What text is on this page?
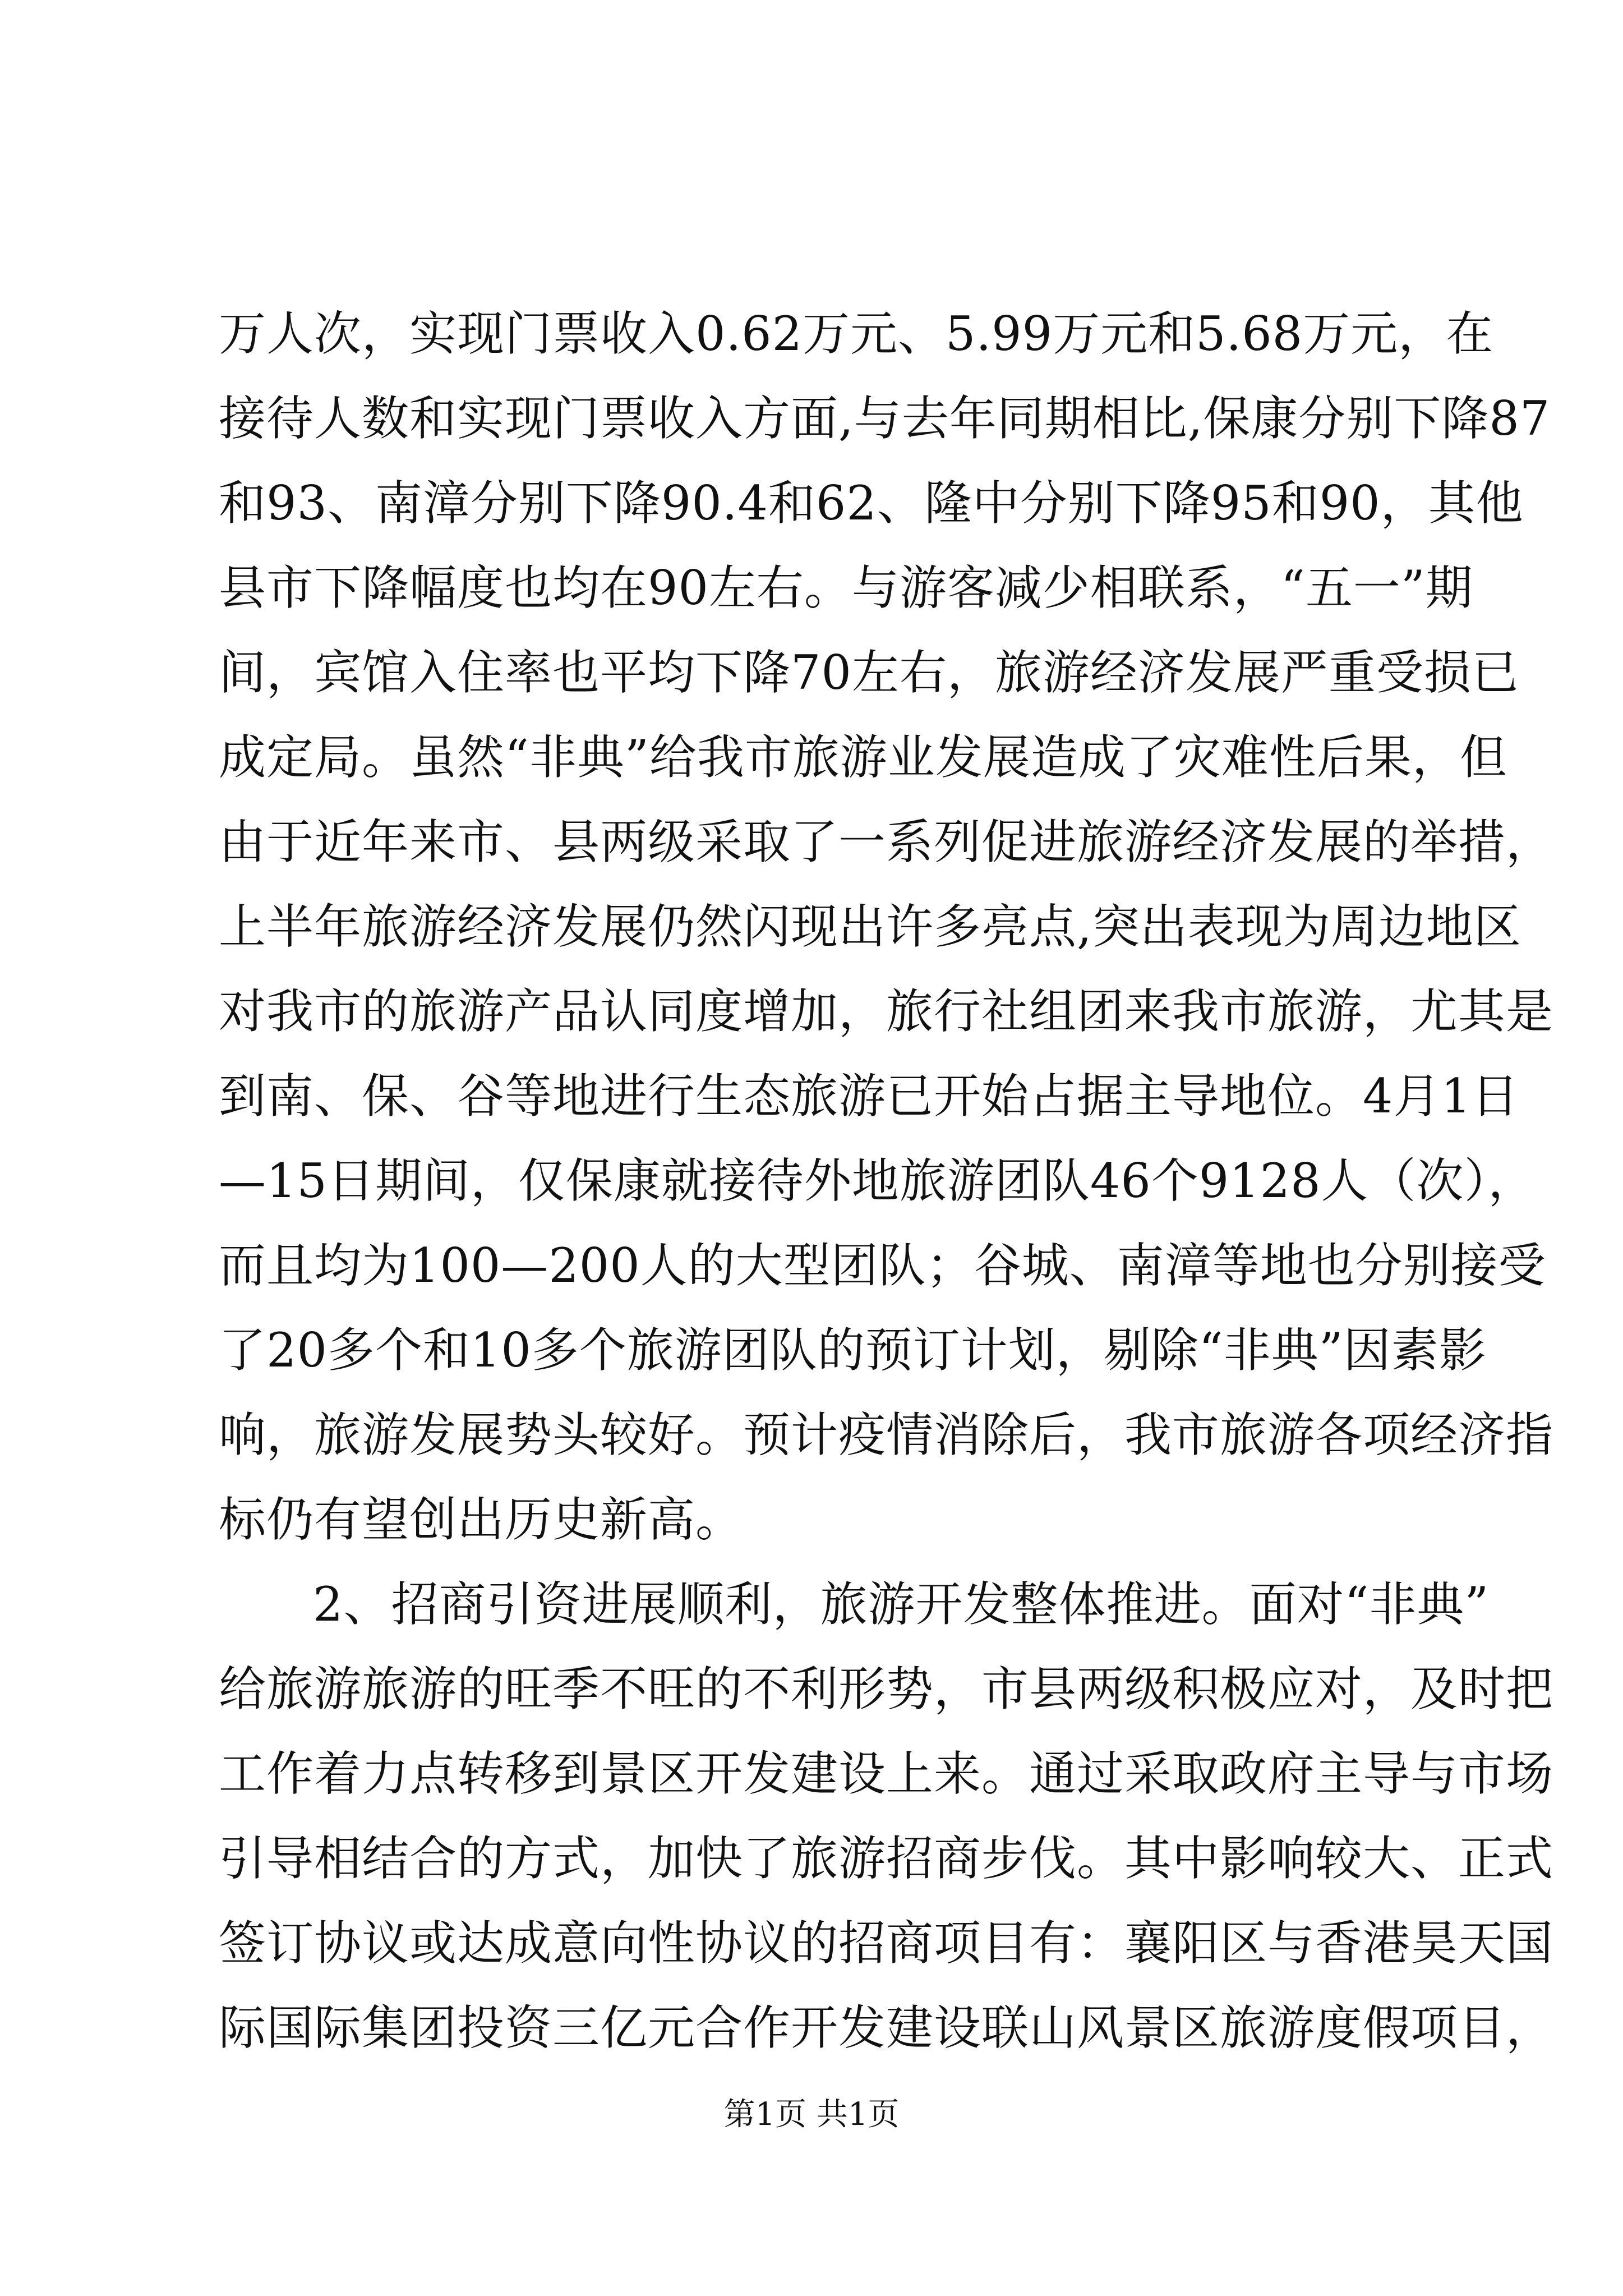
万人次，实现门票收入0.62万元、5.99万元和5.68万元，在
接待人数和实现门票收入方面,与去年同期相比,保康分别下降87
和93、南漳分别下降90.4和62、隆中分别下降95和90，其他
县市下降幅度也均在90左右。与游客减少相联系，“五一”期
间，宾馆入住率也平均下降70左右，旅游经济发展严重受损已
成定局。虽然“非典”给我市旅游业发展造成了灾难性后果，但
由于近年来市、县两级采取了一系列促进旅游经济发展的举措，
上半年旅游经济发展仍然闪现出许多亮点,突出表现为周边地区
对我市的旅游产品认同度增加，旅行社组团来我市旅游，尤其是
到南、保、谷等地进行生态旅游已开始占据主导地位。4月1日
—15日期间，仅保康就接待外地旅游团队46个9128人（次），
而且均为100—200人的大型团队；谷城、南漳等地也分别接受
了20多个和10多个旅游团队的预订计划，剔除“非典”因素影
响，旅游发展势头较好。预计疫情消除后，我市旅游各项经济指
标仍有望创出历史新高。
2、招商引资进展顺利，旅游开发整体推进。面对“非典”
给旅游旅游的旺季不旺的不利形势，市县两级积极应对，及时把
工作着力点转移到景区开发建设上来。通过采取政府主导与市场
引导相结合的方式，加快了旅游招商步伐。其中影响较大、正式
签订协议或达成意向性协议的招商项目有：襄阳区与香港昊天国
际国际集团投资三亿元合作开发建设联山风景区旅游度假项目，
第1页 共1页
